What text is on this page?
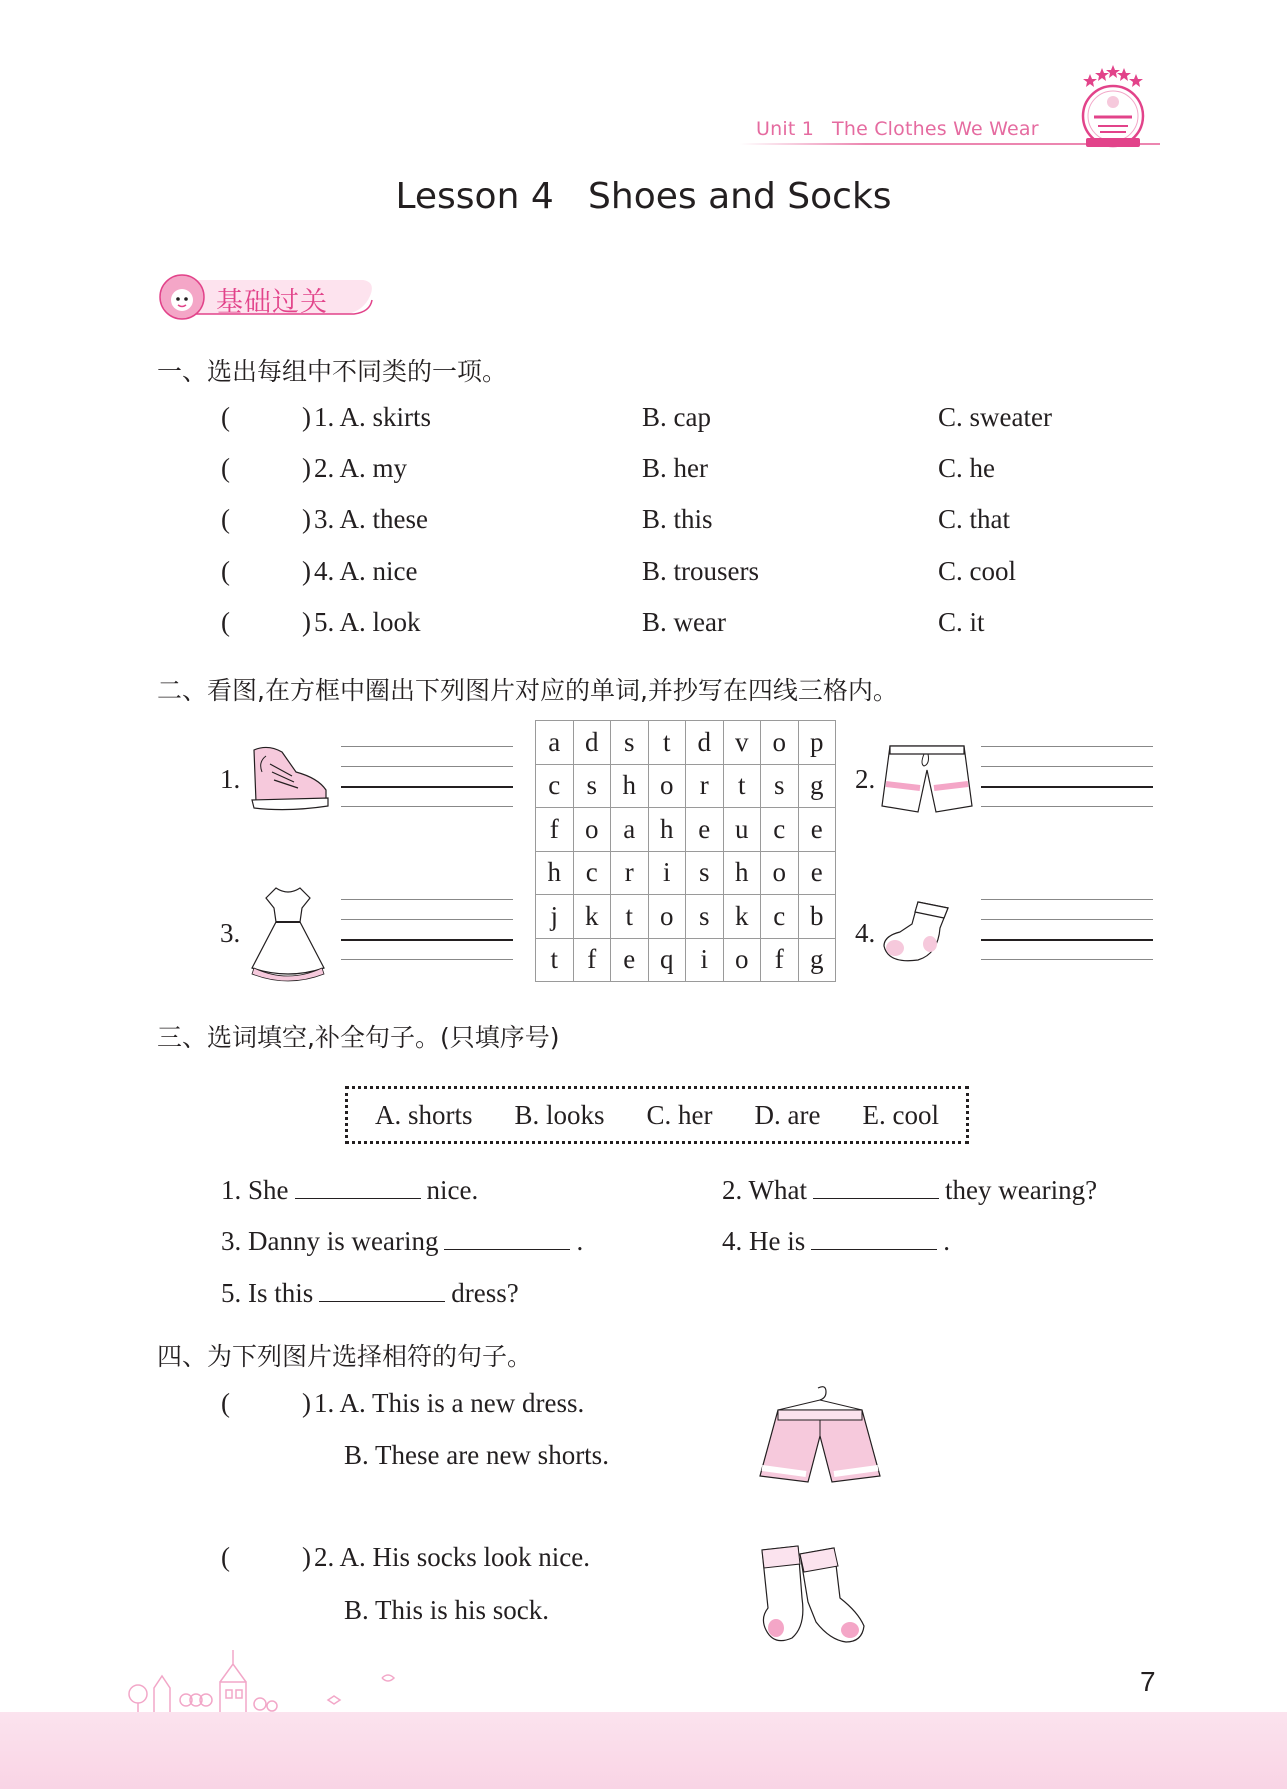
Unit 1 The Clothes We Wear
Lesson 4   Shoes and Socks
基础过关
一、选出每组中不同类的一项。
(	) 1. A. skirts	B. cap	C. sweater
(	) 2. A. my	B. her	C. he
(	) 3. A. these	B. this	C. that
(	) 4. A. nice	B. trousers	C. cool
(	) 5. A. look	B. wear	C. it
二、看图,在方框中圈出下列图片对应的单词,并抄写在四线三格内。
1.	2.
3.	4.
a	d	s	t	d	v	o	p
c	s	h	o	r	t	s	g
f	o	a	h	e	u	c	e
h	c	r	i	s	h	o	e
j	k	t	o	s	k	c	b
t	f	e	q	i	o	f	g
三、选词填空,补全句子。(只填序号)
A. shorts B. looks C. her D. are E. cool
1. She	nice.	2. What	they wearing?
3. Danny is wearing	.	4. He is	.
5. Is this	dress?
四、为下列图片选择相符的句子。
(	) 1. A. This is a new dress.
B. These are new shorts.
(	) 2. A. His socks look nice.
B. This is his sock.
7
